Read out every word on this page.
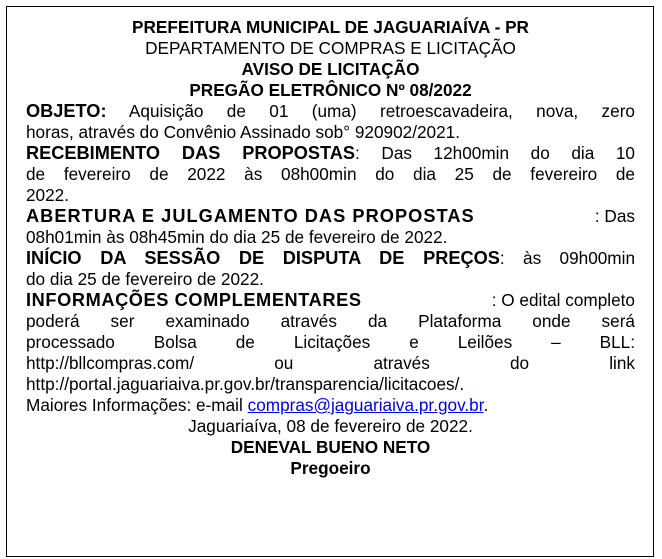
PREFEITURA MUNICIPAL DE JAGUARIAÍVA - PR
DEPARTAMENTO DE COMPRAS E LICITAÇÃO
AVISO DE LICITAÇÃO
PREGÃO ELETRÔNICO Nº 08/2022
OBJETO: Aquisição de 01 (uma) retroescavadeira, nova, zero
horas, através do Convênio Assinado sob° 920902/2021.
RECEBIMENTO DAS PROPOSTAS: Das 12h00min do dia 10
de fevereiro de 2022 às 08h00min do dia 25 de fevereiro de
2022.
ABERTURA E JULGAMENTO DAS PROPOSTAS	: Das
08h01min às 08h45min do dia 25 de fevereiro de 2022.
INÍCIO DA SESSÃO DE DISPUTA DE PREÇOS: às 09h00min
do dia 25 de fevereiro de 2022.
INFORMAÇÕES COMPLEMENTARES	: O edital completo
poderá ser examinado através da Plataforma onde será
processado Bolsa de Licitações e Leilões – BLL:
http://bllcompras.com/	ou	através	do	link
http://portal.jaguariaiva.pr.gov.br/transparencia/licitacoes/.
Maiores Informações: e-mail compras@jaguariaiva.pr.gov.br.
Jaguariaíva, 08 de fevereiro de 2022.
DENEVAL BUENO NETO
Pregoeiro
